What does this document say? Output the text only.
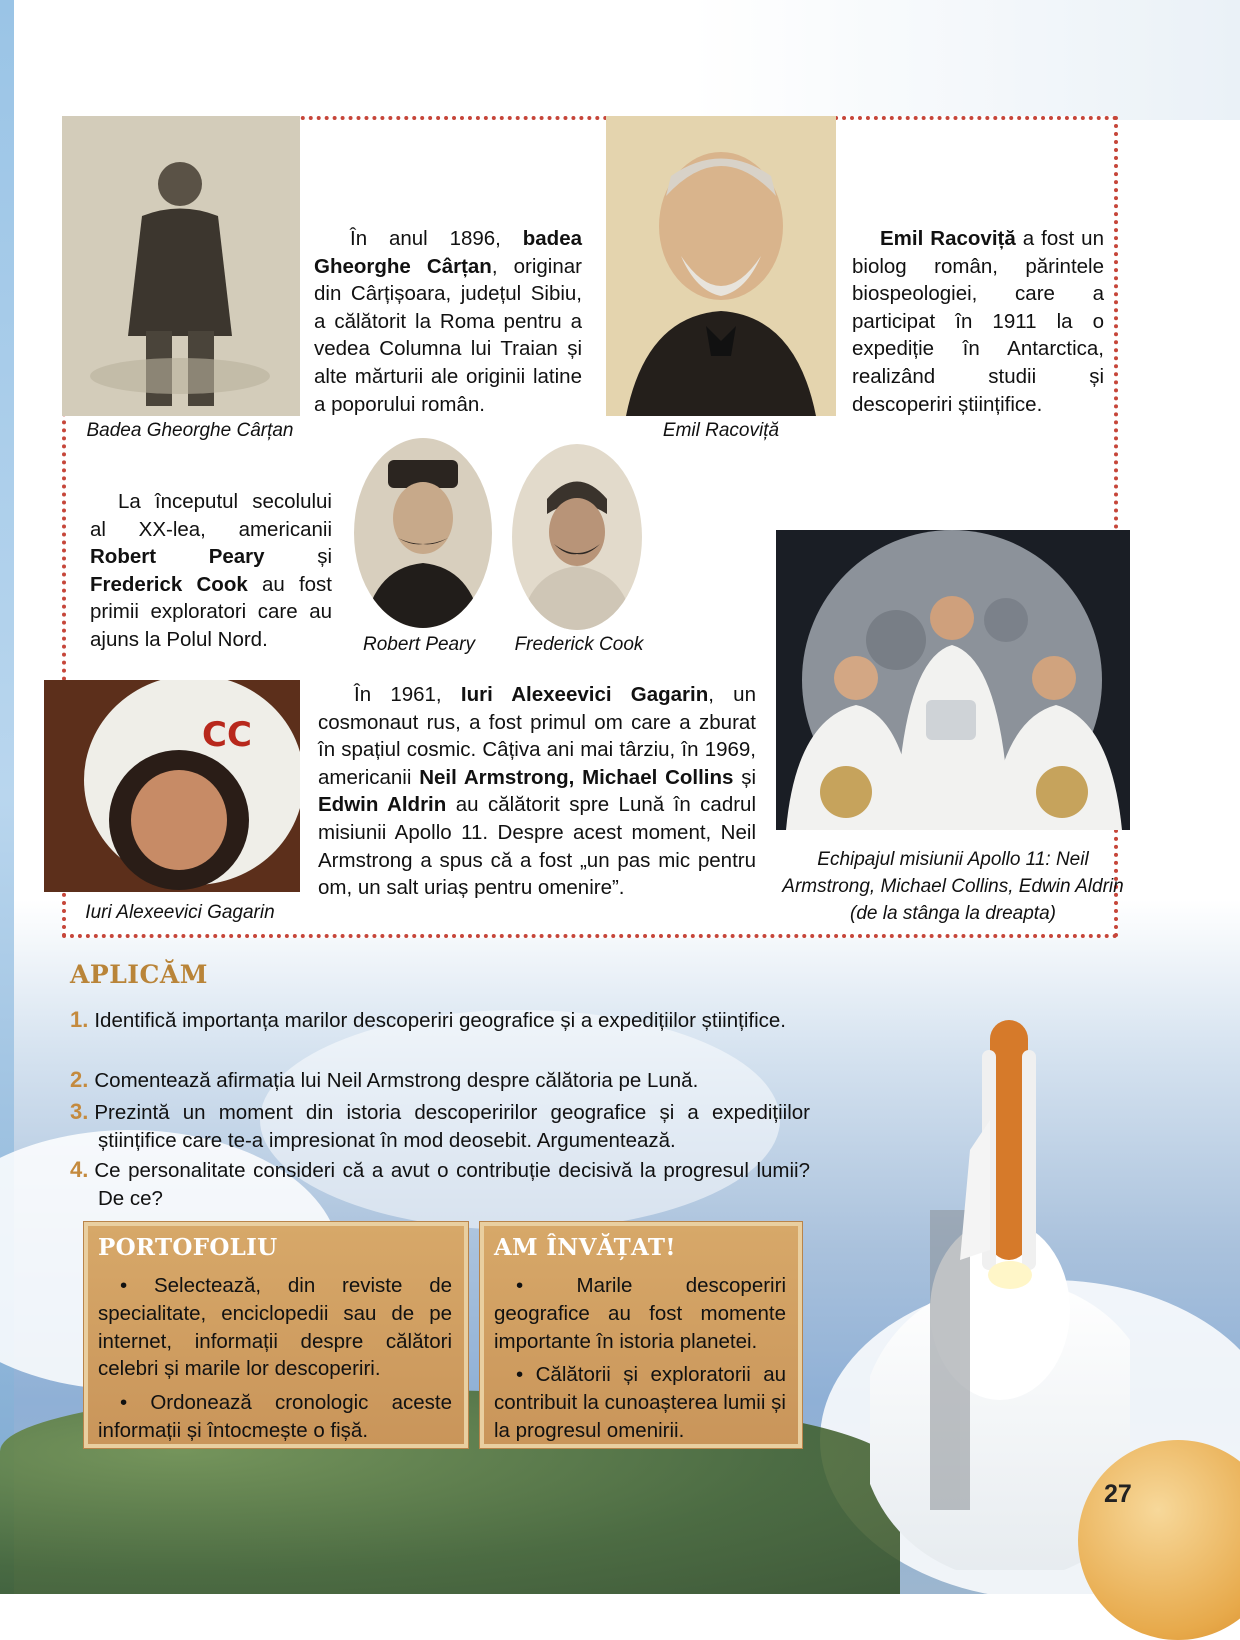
27
Badea Gheorghe Cârțan
În anul 1896, badea Gheorghe Cârțan, originar din Cârțișoara, județul Sibiu, a călătorit la Roma pentru a vedea Columna lui Traian și alte mărturii ale originii latine a poporului român.
Emil Racoviță
Emil Racoviță a fost un biolog român, părintele biospeologiei, care a participat în 1911 la o expediție în Antarctica, realizând studii și descoperiri științifice.
La începutul secolului al XX-lea, americanii Robert Peary și Frederick Cook au fost primii exploratori care au ajuns la Polul Nord.	Robert Peary	Frederick Cook
Echipajul misiunii Apollo 11: Neil Armstrong, Michael Collins, Edwin Aldrin (de la stânga la dreapta)
CC
Iuri Alexeevici Gagarin
În 1961, Iuri Alexeevici Gagarin, un cosmonaut rus, a fost primul om care a zburat în spațiul cosmic. Câțiva ani mai târziu, în 1969, americanii Neil Armstrong, Michael Collins și Edwin Aldrin au călătorit spre Lună în cadrul misiunii Apollo 11. Despre acest moment, Neil Armstrong a spus că a fost „un pas mic pentru om, un salt uriaș pentru omenire”.
APLICĂM
1. Identifică importanța marilor descoperiri geografice și a expedițiilor științifice.
2. Comentează afirmația lui Neil Armstrong despre călătoria pe Lună.
3. Prezintă un moment din istoria descoperirilor geografice și a expedițiilor științifice care te-a impresionat în mod deosebit. Argumentează.
4. Ce personalitate consideri că a avut o contribuție decisivă la progresul lumii? De ce?
PORTOFOLIU

• Selectează, din reviste de specialitate, enciclopedii sau de pe internet, informații despre călători celebri și marile lor descoperiri.

• Ordonează cronologic aceste informații și întocmește o fișă.

AM ÎNVĂȚAT!

• Marile descoperiri geografice au fost momente importante în istoria planetei.

• Călătorii și exploratorii au contribuit la cunoașterea lumii și la progresul omenirii.
